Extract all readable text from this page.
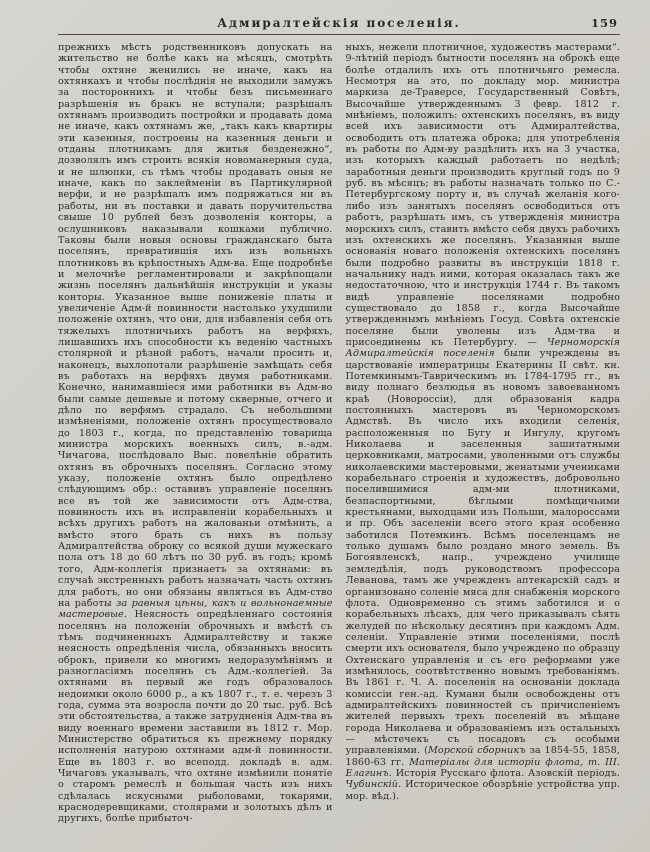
Адмиралтейскія поселенія.	159
прежнихъ мѣстъ родственниковъ допускать на жительство не болѣе какъ на мѣсяцъ, смотрѣть чтобы охтяне женились не иначе, какъ на охтянкахъ и чтобы послѣднія не выходили замужъ за постороннихъ и чтобы безъ письменнаго разрѣшенія въ бракъ не вступали; разрѣшалъ охтянамъ производить постройки и продавать дома не иначе, какъ охтянамъ же, „такъ какъ квартиры эти казенныя, построены на казенныя деньги и отданы плотникамъ для житья безденежно“, дозволялъ имъ строить всякія новоманерныя суда, и не шлюпки, съ тѣмъ чтобы продавать оныя не иначе, какъ по заклейменіи въ Партикулярной верфи, и не разрѣшалъ имъ подряжаться ни въ работы, ни въ поставки и давать поручительства свыше 10 рублей безъ дозволенія конторы, а ослушниковъ наказывали кошками публично. Таковы были новыя основы гражданскаго быта поселянъ, превратившія ихъ изъ вольныхъ плотниковъ въ крѣпостныхъ Адм-ва. Еще подробнѣе и мелочнѣе регламентировали и закрѣпощали жизнь поселянъ дальнѣйшія инструкціи и указы конторы. Указанное выше пониженіе платы и увеличеніе Адм-й повинности настолько ухудшили положеніе охтянъ, что они, для избавленія себя отъ тяжелыхъ плотничьихъ работъ на верфяхъ, лишавшихъ ихъ способности къ веденію частныхъ столярной и рѣзной работъ, начали просить и, наконецъ, выхлопотали разрѣшеніе замѣщать себя въ работахъ на верфяхъ двумя работниками. Конечно, нанимавшіеся ими работники въ Адм-во были самые дешевые и потому скверные, отчего и дѣло по верфямъ страдало. Съ небольшими измѣненіями, положеніе охтянъ просуществовало до 1803 г., когда, по представленію товарища министра морскихъ военныхъ силъ, в.-адм. Чичагова, послѣдовало Выс. повелѣніе обратить охтянъ въ оброчныхъ поселянъ. Согласно этому указу, положеніе охтянъ было опредѣлено слѣдующимъ обр.: оставивъ управленіе поселянъ все въ той же зависимости отъ Адм-ства, повинность ихъ въ исправленіи корабельныхъ и всѣхъ другихъ работъ на жалованьи отмѣнить, а вмѣсто этого брать съ нихъ въ пользу Адмиралтейства оброку со всякой души мужескаго пола отъ 18 до 60 лѣтъ по 30 руб. въ годъ; кромѣ того, Адм-коллегія признаетъ за охтянами: въ случаѣ экстренныхъ работъ назначать часть охтянъ для работъ, но они обязаны являться въ Адм-ство на работы за равныя цѣны, какъ и вольнонаемные мастеровые. Неясность опредѣленнаго состоянія поселянъ на положеніи оброчныхъ и вмѣстѣ съ тѣмъ подчиненныхъ Адмиралтейству и также неясность опредѣленія числа, обязанныхъ вносить оброкъ, привели ко многимъ недоразумѣніямъ и разногласіямъ поселянъ съ Адм.-коллегіей. За охтянами въ первый же годъ образовалось недоимки около 6000 р., а къ 1807 г., т. е. черезъ 3 года, сумма эта возросла почти до 20 тыс. руб. Всѣ эти обстоятельства, а также затрудненія Адм-тва въ виду военнаго времени заставили въ 1812 г. Мор. Министерство обратиться къ прежнему порядку исполненія натурою охтянами адм-й повинности. Еще въ 1803 г. во всеподд. докладѣ в. адм. Чичаговъ указывалъ, что охтяне измѣнили понятіе о старомъ ремеслѣ и большая часть изъ нихъ сдѣлалась искусными рыболовами, токарями, краснодеревщиками, столярами и золотыхъ дѣлъ и другихъ, болѣе прибыточ-
ныхъ, нежели плотничное, художествъ мастерами“. 9-лѣтній періодъ бытности поселянъ на оброкѣ еще болѣе отдалилъ ихъ отъ плотничьяго ремесла. Несмотря на это, по докладу мор. министра маркиза де-Траверсе, Государственный Совѣтъ, Высочайше утвержденнымъ 3 февр. 1812 г. мнѣніемъ, положилъ: охтенскихъ поселянъ, въ виду всей ихъ зависимости отъ Адмиралтейства, освободить отъ платежа оброка; для употребленія въ работы по Адм-ву раздѣлить ихъ на 3 участка, изъ которыхъ каждый работаетъ по недѣлѣ; заработныя деньги производить круглый годъ по 9 руб. въ мѣсяцъ; въ работы назначать только по С.-Петербургскому порту и, въ случаѣ желанія кого-либо изъ занятыхъ поселянъ освободиться отъ работъ, разрѣшать имъ, съ утвержденія министра морскихъ силъ, ставить вмѣсто себя двухъ рабочихъ изъ охтенскихъ же поселянъ. Указанныя выше основанія новаго положенія охтенскихъ поселянъ были подробно развиты въ инструкціи 1818 г. начальнику надъ ними, которая оказалась такъ же недостаточною, что и инструкція 1744 г. Въ такомъ видѣ управленіе поселянами подробно существовало до 1858 г., когда Высочайше утвержденнымъ мнѣніемъ Госуд. Совѣта охтенскіе поселяне были уволены изъ Адм-тва и присоединены къ Петербургу. — Черноморскія Адмиралтейскія поселенія были учреждены въ царствованіе императрицы Екатерины II свѣт. кн. Потемкинымъ-Таврическимъ въ 1784-1795 гг., въ виду полнаго безлюдья въ новомъ завоеванномъ краѣ (Новороссіи), для образованія кадра постоянныхъ мастеровъ въ Черноморскомъ Адмствѣ. Въ число ихъ входили селенія, расположенныя по Бугу и Ингулу, кругомъ Николаева и заселенныя зашитатными церковниками, матросами, уволенными отъ службы николаевскими мастеровыми, женатыми учениками корабельнаго строенія и художествъ, добровольно поселившимися адм-ми плотниками, безпаспортными, бѣглыми помѣщичьими крестьянами, выходцами изъ Польши, малороссами и пр. Объ заселеніи всего этого края особенно заботился Потемкинъ. Всѣмъ поселенцамъ не только душамъ было роздано много земель. Въ Богоявленскѣ, напр., учреждено училище земледѣлія, подъ руководствомъ профессора Леванова, тамъ же учрежденъ аптекарскій садъ и организовано соленіе мяса для снабженія морского флота. Одновременно съ этимъ заботился и о корабельныхъ лѣсахъ, для чего приказывалъ сѣять желудей по нѣскольку десятинъ при каждомъ Адм. селеніи. Управленіе этими поселеніями, послѣ смерти ихъ основателя, было учреждено по образцу Охтенскаго управленія и съ его реформами уже измѣнялось, соотвѣтственно новымъ требованіямъ. Въ 1861 г. Ч. А. поселенія на основаніи доклада комиссіи ген.-ад. Кумани были освобождены отъ адмиралтейскихъ повинностей съ причисленіемъ жителей первыхъ трехъ поселеній въ мѣщане города Николаева и образованіемъ изъ остальныхъ — мѣстечекъ съ посадовъ съ особыми управленіями. (Морской сборникъ за 1854-55, 1858, 1860-63 гг. Матеріалы для исторіи флота, т. III. Елагинъ. Исторія Русскаго флота. Азовскій періодъ. Чубинскій. Историческое обозрѣніе устройства упр. мор. вѣд.).
